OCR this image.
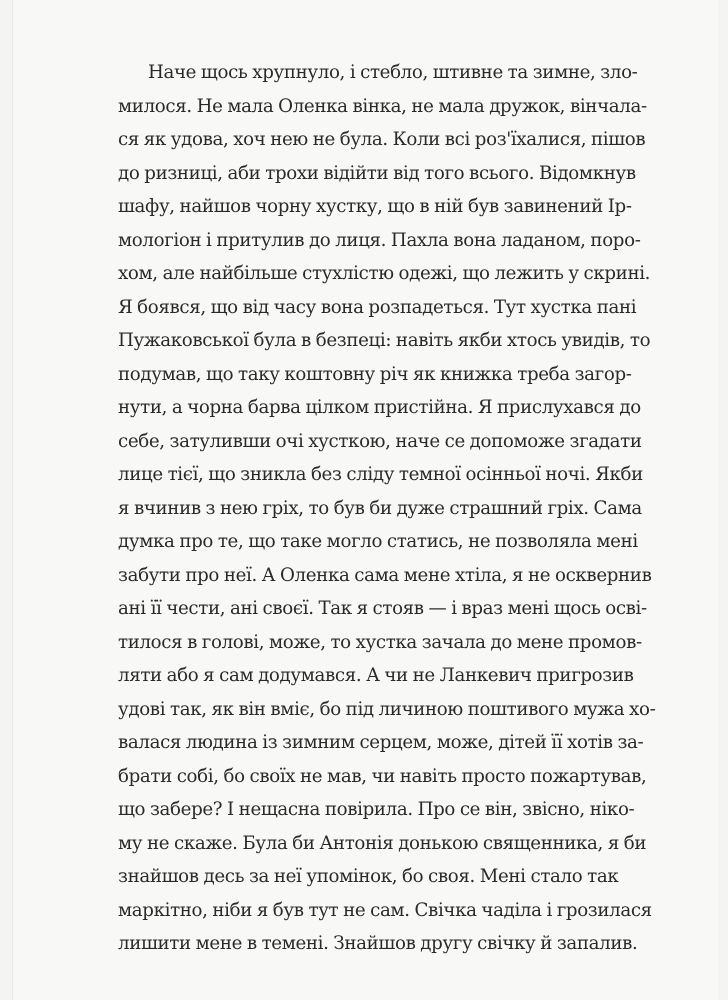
Наче щось хрупнуло, і стебло, штивне та зимне, зло-
милося. Не мала Оленка вінка, не мала дружок, вінчала-
ся як удова, хоч нею не була. Коли всі роз'їхалися, пішов
до ризниці, аби трохи відійти від того всього. Відомкнув
шафу, найшов чорну хустку, що в ній був завинений Ір-
мологіон і притулив до лиця. Пахла вона ладаном, поро-
хом, але найбільше стухлістю одежі, що лежить у скрині.
Я боявся, що від часу вона розпадеться. Тут хустка пані
Пужаковської була в безпеці: навіть якби хтось увидів, то
подумав, що таку коштовну річ як книжка треба загор-
нути, а чорна барва цілком пристійна. Я прислухався до
себе, затуливши очі хусткою, наче се допоможе згадати
лице тієї, що зникла без сліду темної осінньої ночі. Якби
я вчинив з нею гріх, то був би дуже страшний гріх. Сама
думка про те, що таке могло статись, не позволяла мені
забути про неї. А Оленка сама мене хтіла, я не осквернив
ані її чести, ані своєї. Так я стояв — і враз мені щось осві-
тилося в голові, може, то хустка зачала до мене промов-
ляти або я сам додумався. А чи не Ланкевич пригрозив
удові так, як він вміє, бо під личиною поштивого мужа хо-
валася людина із зимним серцем, може, дітей її хотів за-
брати собі, бо своїх не мав, чи навіть просто пожартував,
що забере? І нещасна повірила. Про се він, звісно, ніко-
му не скаже. Була би Антонія донькою священника, я би
знайшов десь за неї упомінок, бо своя. Мені стало так
маркітно, ніби я був тут не сам. Свічка чаділа і грозилася
лишити мене в темені. Знайшов другу свічку й запалив.
